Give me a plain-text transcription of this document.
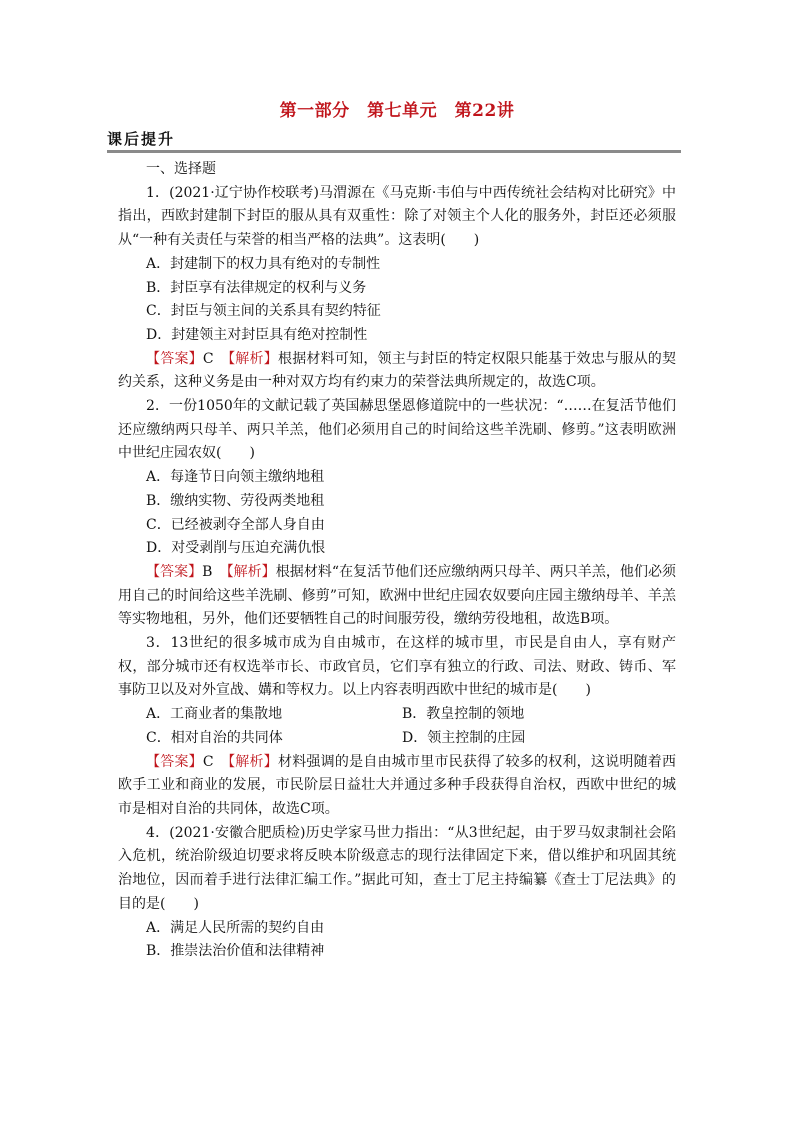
第一部分　第七单元　第22讲
课后提升

一、选择题

1．(2021·辽宁协作校联考)马渭源在《马克斯·韦伯与中西传统社会结构对比研究》中指出，西欧封建制下封臣的服从具有双重性：除了对领主个人化的服务外，封臣还必须服从“一种有关责任与荣誉的相当严格的法典”。这表明(　　)

A．封建制下的权力具有绝对的专制性

B．封臣享有法律规定的权利与义务

C．封臣与领主间的关系具有契约特征

D．封建领主对封臣具有绝对控制性

【答案】C　 【解析】根据材料可知，领主与封臣的特定权限只能基于效忠与服从的契约关系，这种义务是由一种对双方均有约束力的荣誉法典所规定的，故选C项。

2．一份1050年的文献记载了英国赫思堡恩修道院中的一些状况：“……在复活节他们还应缴纳两只母羊、两只羊羔，他们必须用自己的时间给这些羊洗刷、修剪。”这表明欧洲中世纪庄园农奴(　　)

A．每逢节日向领主缴纳地租

B．缴纳实物、劳役两类地租

C．已经被剥夺全部人身自由

D．对受剥削与压迫充满仇恨

【答案】B　 【解析】根据材料“在复活节他们还应缴纳两只母羊、两只羊羔，他们必须用自己的时间给这些羊洗刷、修剪”可知，欧洲中世纪庄园农奴要向庄园主缴纳母羊、羊羔等实物地租，另外，他们还要牺牲自己的时间服劳役，缴纳劳役地租，故选B项。

3．13世纪的很多城市成为自由城市，在这样的城市里，市民是自由人，享有财产权，部分城市还有权选举市长、市政官员，它们享有独立的行政、司法、财政、铸币、军事防卫以及对外宣战、媾和等权力。以上内容表明西欧中世纪的城市是(　　)

A．工商业者的集散地	B．教皇控制的领地
C．相对自治的共同体	D．领主控制的庄园

【答案】C　 【解析】材料强调的是自由城市里市民获得了较多的权利，这说明随着西欧手工业和商业的发展，市民阶层日益壮大并通过多种手段获得自治权，西欧中世纪的城市是相对自治的共同体，故选C项。

4．(2021·安徽合肥质检)历史学家马世力指出：“从3世纪起，由于罗马奴隶制社会陷入危机，统治阶级迫切要求将反映本阶级意志的现行法律固定下来，借以维护和巩固其统治地位，因而着手进行法律汇编工作。”据此可知，查士丁尼主持编纂《查士丁尼法典》的目的是(　　)

A．满足人民所需的契约自由

B．推崇法治价值和法律精神
